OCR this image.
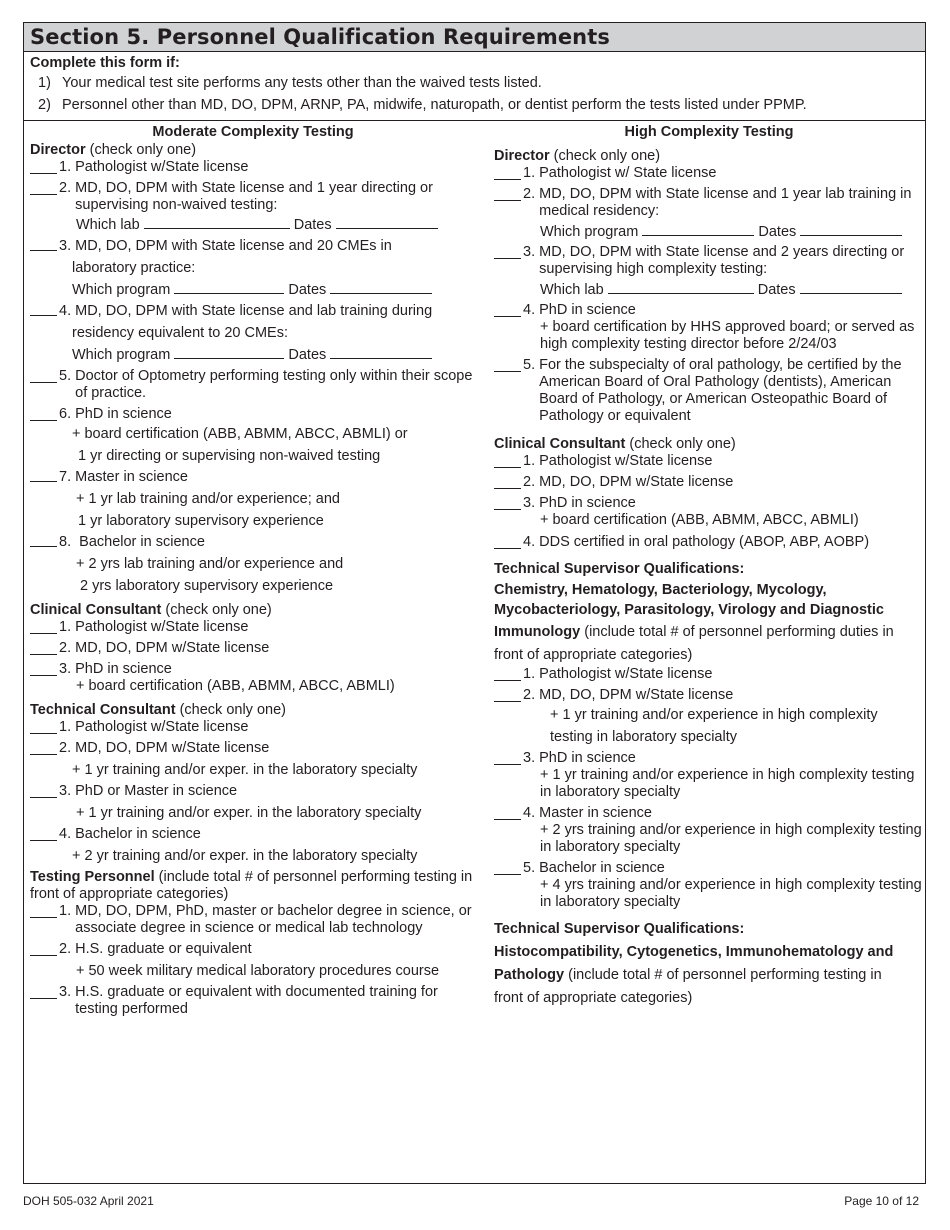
Section 5. Personnel Qualification Requirements
Complete this form if:
1) Your medical test site performs any tests other than the waived tests listed.
2) Personnel other than MD, DO, DPM, ARNP, PA, midwife, naturopath, or dentist perform the tests listed under PPMP.
Moderate Complexity Testing
Director (check only one)
1.
Pathologist w/State license
2.
MD, DO, DPM with State license and 1 year directing or supervising non-waived testing:
Which lab	Dates
3.
MD, DO, DPM with State license and 20 CMEs in
laboratory practice:
Which program	Dates
4.
MD, DO, DPM with State license and lab training during
residency equivalent to 20 CMEs:
Which program	Dates
5.
Doctor of Optometry performing testing only within their scope of practice.
6.
PhD in science
+ board certification (ABB, ABMM, ABCC, ABMLI) or
1 yr directing or supervising non-waived testing
7.
Master in science
+ 1 yr lab training and/or experience; and
1 yr laboratory supervisory experience
8.
Bachelor in science
+ 2 yrs lab training and/or experience and
2 yrs laboratory supervisory experience
Clinical Consultant (check only one)
1.
Pathologist w/State license
2.
MD, DO, DPM w/State license
3.
PhD in science
+ board certification (ABB, ABMM, ABCC, ABMLI)
Technical Consultant (check only one)
1.
Pathologist w/State license
2.
MD, DO, DPM w/State license
+ 1 yr training and/or exper. in the laboratory specialty
3.
PhD or Master in science
+ 1 yr training and/or exper. in the laboratory specialty
4.
Bachelor in science
+ 2 yr training and/or exper. in the laboratory specialty
Testing Personnel (include total # of personnel performing testing in front of appropriate categories)
1.
MD, DO, DPM, PhD, master or bachelor degree in science, or associate degree in science or medical lab technology
2.
H.S. graduate or equivalent
+ 50 week military medical laboratory procedures course
3.
H.S. graduate or equivalent with documented training for testing performed
High Complexity Testing
Director (check only one)
1.
Pathologist w/ State license
2.
MD, DO, DPM with State license and 1 year lab training in medical residency:
Which program	Dates
3.
MD, DO, DPM with State license and 2 years directing or supervising high complexity testing:
Which lab	Dates
4.
PhD in science
+ board certification by HHS approved board; or served as high complexity testing director before 2/24/03
5.
For the subspecialty of oral pathology, be certified by the American Board of Oral Pathology (dentists), American Board of Pathology, or American Osteopathic Board of Pathology or equivalent
Clinical Consultant (check only one)
1.
Pathologist w/State license
2.
MD, DO, DPM w/State license
3.
PhD in science
+ board certification (ABB, ABMM, ABCC, ABMLI)
4.
DDS certified in oral pathology (ABOP, ABP, AOBP)
Technical Supervisor Qualifications:
Chemistry, Hematology, Bacteriology, Mycology,
Mycobacteriology, Parasitology, Virology and Diagnostic
Immunology (include total # of personnel performing duties in
front of appropriate categories)
1.
Pathologist w/State license
2.
MD, DO, DPM w/State license
+ 1 yr training and/or experience in high complexity
testing in laboratory specialty
3.
PhD in science
+ 1 yr training and/or experience in high complexity testing in laboratory specialty
4.
Master in science
+ 2 yrs training and/or experience in high complexity testing in laboratory specialty
5.
Bachelor in science
+ 4 yrs training and/or experience in high complexity testing in laboratory specialty
Technical Supervisor Qualifications:
Histocompatibility, Cytogenetics, Immunohematology and
Pathology (include total # of personnel performing testing in
front of appropriate categories)
DOH 505-032 April 2021	Page 10 of 12
